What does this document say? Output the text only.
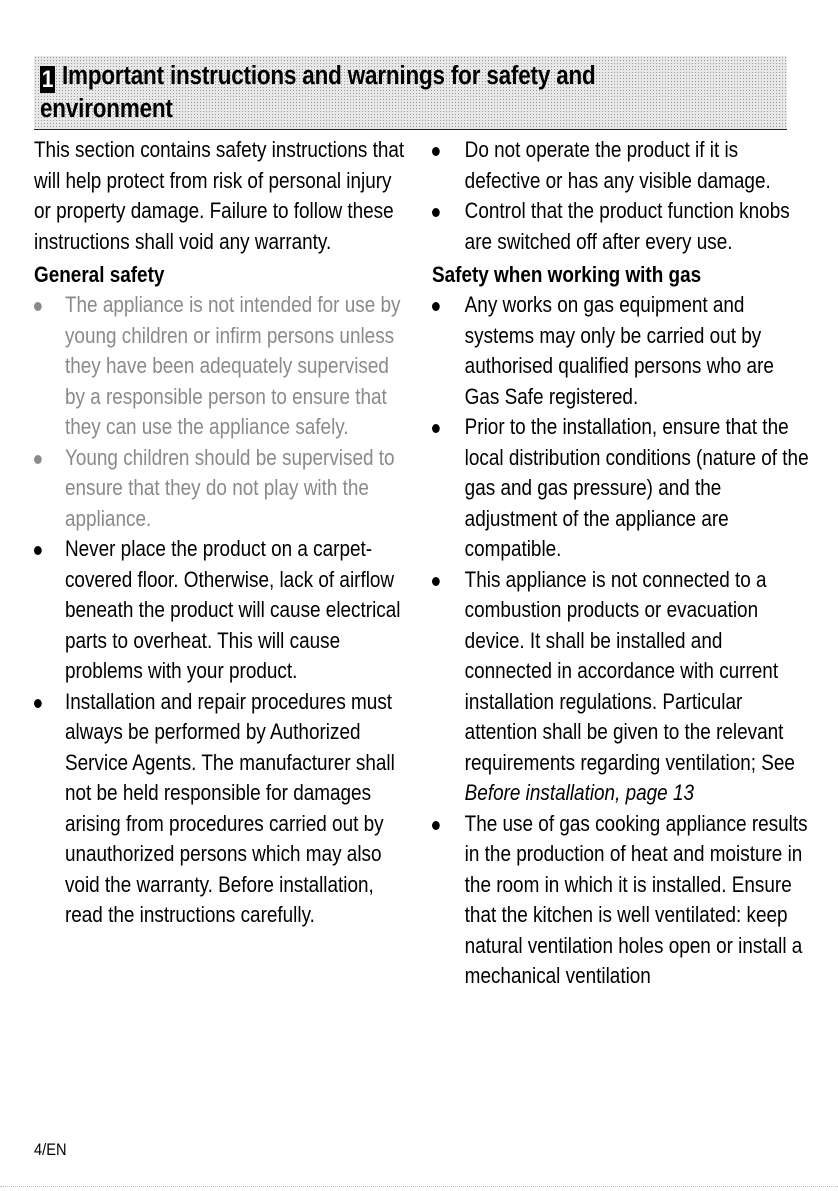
1 Important instructions and warnings for safety and environment

This section contains safety instructions that will help protect from risk of personal injury or property damage. Failure to follow these instructions shall void any warranty.

General safety
The appliance is not intended for use by young children or infirm persons unless they have been adequately supervised by a responsible person to ensure that they can use the appliance safely.
Young children should be supervised to ensure that they do not play with the appliance.
Never place the product on a carpet-covered floor. Otherwise, lack of airflow beneath the product will cause electrical parts to overheat. This will cause problems with your product.
Installation and repair procedures must always be performed by Authorized Service Agents. The manufacturer shall not be held responsible for damages arising from procedures carried out by unauthorized persons which may also void the warranty. Before installation, read the instructions carefully.
Do not operate the product if it is defective or has any visible damage.
Control that the product function knobs are switched off after every use.
Safety when working with gas
Any works on gas equipment and systems may only be carried out by authorised qualified persons who are Gas Safe registered.
Prior to the installation, ensure that the local distribution conditions (nature of the gas and gas pressure) and the adjustment of the appliance are compatible.
This appliance is not connected to a combustion products or evacuation device. It shall be installed and connected in accordance with current installation regulations. Particular attention shall be given to the relevant requirements regarding ventilation; See Before installation, page 13
The use of gas cooking appliance results in the production of heat and moisture in the room in which it is installed. Ensure that the kitchen is well ventilated: keep natural ventilation holes open or install a mechanical ventilation
4/EN
